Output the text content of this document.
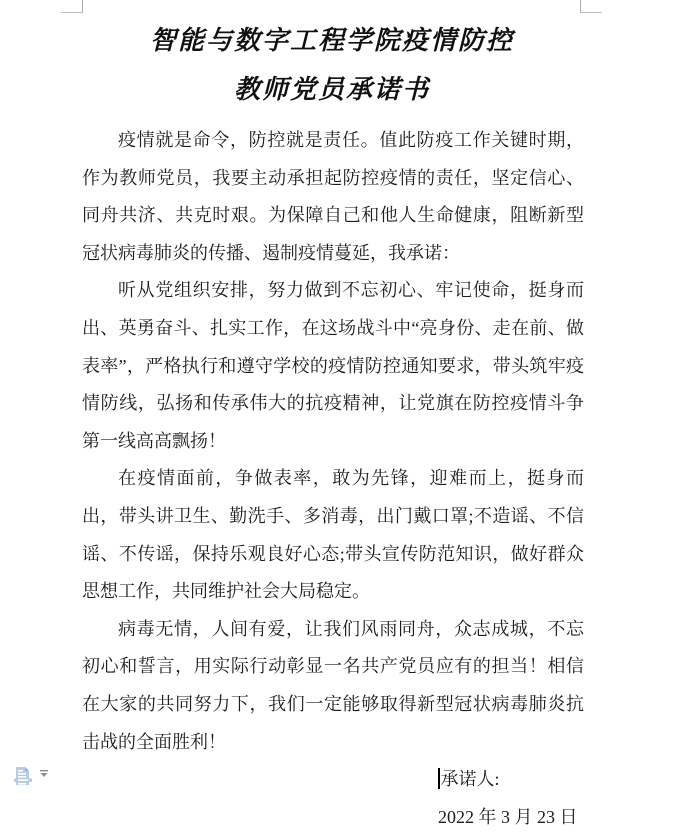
智能与数字工程学院疫情防控
教师党员承诺书

疫情就是命令，防控就是责任。值此防疫工作关键时期，作为教师党员，我要主动承担起防控疫情的责任，坚定信心、同舟共济、共克时艰。为保障自己和他人生命健康，阻断新型冠状病毒肺炎的传播、遏制疫情蔓延，我承诺：

听从党组织安排，努力做到不忘初心、牢记使命，挺身而出、英勇奋斗、扎实工作，在这场战斗中“亮身份、走在前、做表率”，严格执行和遵守学校的疫情防控通知要求，带头筑牢疫情防线，弘扬和传承伟大的抗疫精神，让党旗在防控疫情斗争第一线高高飘扬！

在疫情面前，争做表率，敢为先锋，迎难而上，挺身而出，带头讲卫生、勤洗手、多消毒，出门戴口罩;不造谣、不信谣、不传谣，保持乐观良好心态;带头宣传防范知识，做好群众思想工作，共同维护社会大局稳定。

病毒无情，人间有爱，让我们风雨同舟，众志成城，不忘初心和誓言，用实际行动彰显一名共产党员应有的担当！相信在大家的共同努力下，我们一定能够取得新型冠状病毒肺炎抗击战的全面胜利！

承诺人:
2022 年 3 月 23 日
